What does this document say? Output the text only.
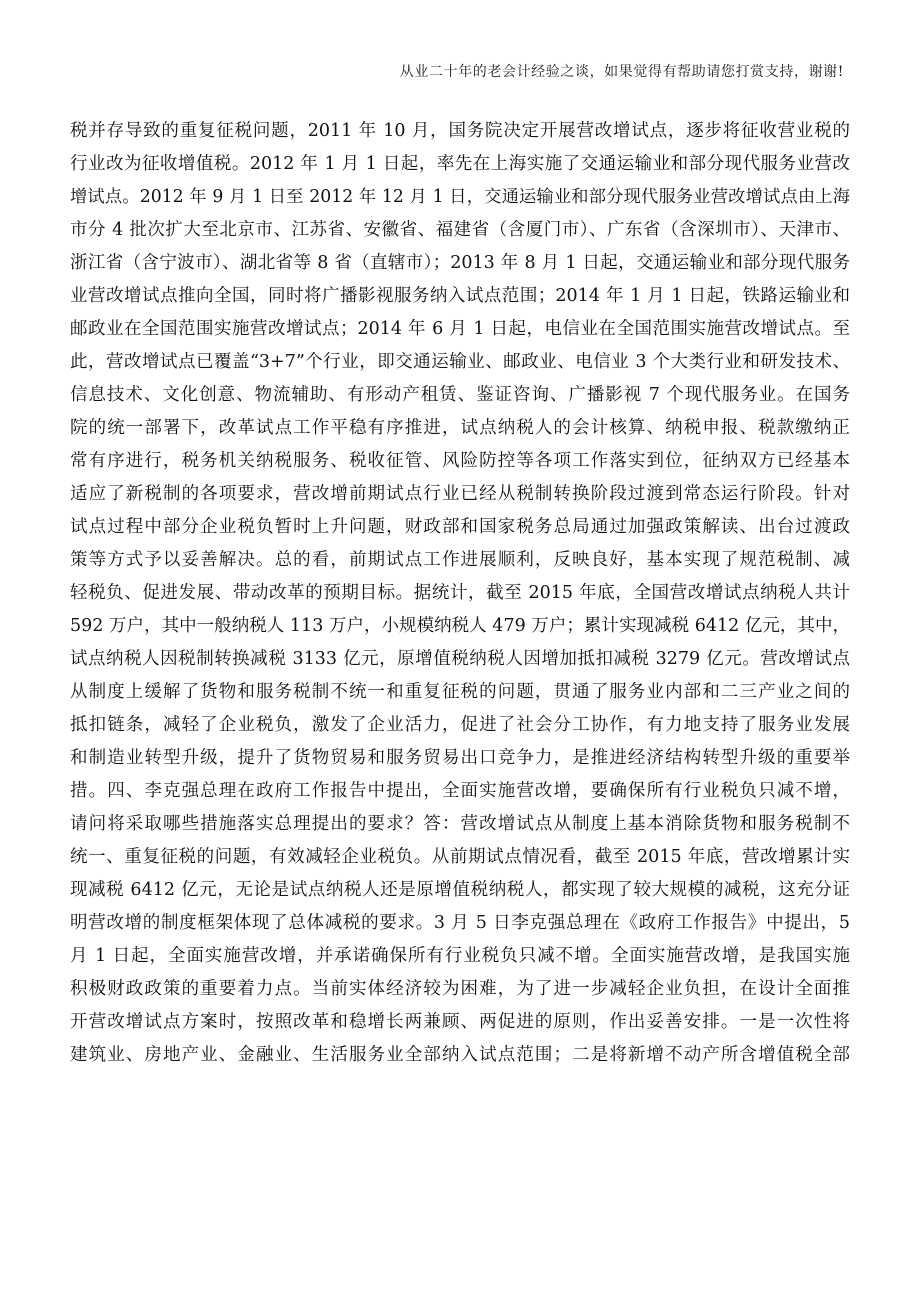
从业二十年的老会计经验之谈，如果觉得有帮助请您打赏支持，谢谢!
税并存导致的重复征税问题，2011 年 10 月，国务院决定开展营改增试点，逐步将征收营业税的
行业改为征收增值税。2012 年 1 月 1 日起，率先在上海实施了交通运输业和部分现代服务业营改
增试点。2012 年 9 月 1 日至 2012 年 12 月 1 日，交通运输业和部分现代服务业营改增试点由上海
市分 4 批次扩大至北京市、江苏省、安徽省、福建省（含厦门市）、广东省（含深圳市）、天津市、
浙江省（含宁波市）、湖北省等 8 省（直辖市）；2013 年 8 月 1 日起，交通运输业和部分现代服务
业营改增试点推向全国，同时将广播影视服务纳入试点范围；2014 年 1 月 1 日起，铁路运输业和
邮政业在全国范围实施营改增试点；2014 年 6 月 1 日起，电信业在全国范围实施营改增试点。至
此，营改增试点已覆盖“3+7”个行业，即交通运输业、邮政业、电信业 3 个大类行业和研发技术、
信息技术、文化创意、物流辅助、有形动产租赁、鉴证咨询、广播影视 7 个现代服务业。在国务
院的统一部署下，改革试点工作平稳有序推进，试点纳税人的会计核算、纳税申报、税款缴纳正
常有序进行，税务机关纳税服务、税收征管、风险防控等各项工作落实到位，征纳双方已经基本
适应了新税制的各项要求，营改增前期试点行业已经从税制转换阶段过渡到常态运行阶段。针对
试点过程中部分企业税负暂时上升问题，财政部和国家税务总局通过加强政策解读、出台过渡政
策等方式予以妥善解决。总的看，前期试点工作进展顺利，反映良好，基本实现了规范税制、减
轻税负、促进发展、带动改革的预期目标。据统计，截至 2015 年底，全国营改增试点纳税人共计
592 万户，其中一般纳税人 113 万户，小规模纳税人 479 万户；累计实现减税 6412 亿元，其中，
试点纳税人因税制转换减税 3133 亿元，原增值税纳税人因增加抵扣减税 3279 亿元。营改增试点
从制度上缓解了货物和服务税制不统一和重复征税的问题，贯通了服务业内部和二三产业之间的
抵扣链条，减轻了企业税负，激发了企业活力，促进了社会分工协作，有力地支持了服务业发展
和制造业转型升级，提升了货物贸易和服务贸易出口竞争力，是推进经济结构转型升级的重要举
措。四、李克强总理在政府工作报告中提出，全面实施营改增，要确保所有行业税负只减不增，
请问将采取哪些措施落实总理提出的要求？答：营改增试点从制度上基本消除货物和服务税制不
统一、重复征税的问题，有效减轻企业税负。从前期试点情况看，截至 2015 年底，营改增累计实
现减税 6412 亿元，无论是试点纳税人还是原增值税纳税人，都实现了较大规模的减税，这充分证
明营改增的制度框架体现了总体减税的要求。3 月 5 日李克强总理在《政府工作报告》中提出，5
月 1 日起，全面实施营改增，并承诺确保所有行业税负只减不增。全面实施营改增，是我国实施
积极财政政策的重要着力点。当前实体经济较为困难，为了进一步减轻企业负担，在设计全面推
开营改增试点方案时，按照改革和稳增长两兼顾、两促进的原则，作出妥善安排。一是一次性将
建筑业、房地产业、金融业、生活服务业全部纳入试点范围；二是将新增不动产所含增值税全部
